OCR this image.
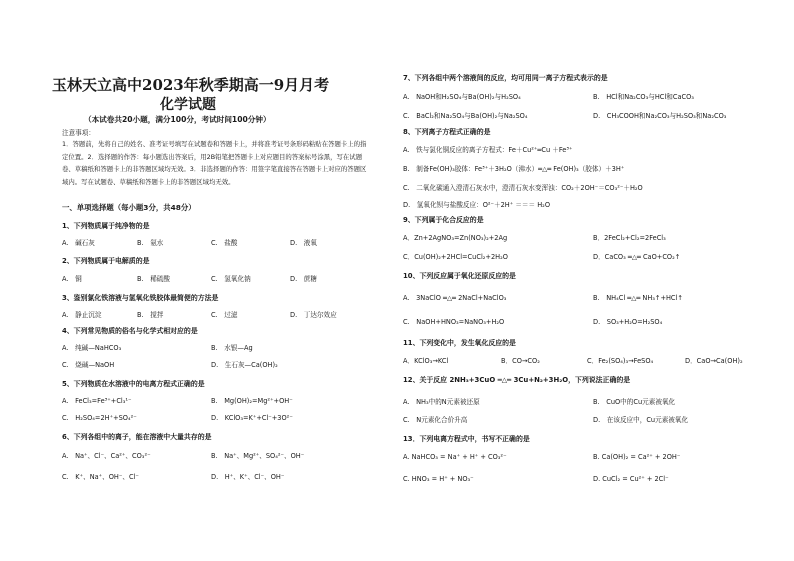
玉林天立高中2023年秋季期高一9月月考
化学试题
（本试卷共20小题，满分100分，考试时间100分钟）
注意事项：
1．答题前，先将自己的姓名、准考证号填写在试题卷和答题卡上，并将准考证号条形码粘贴在答题卡上的指定位置。2．选择题的作答：每小题选出答案后，用2B铅笔把答题卡上对应题目的答案标号涂黑，写在试题卷、草稿纸和答题卡上的非答题区域均无效。3．非选择题的作答：用签字笔直接答在答题卡上对应的答题区域内。写在试题卷、草稿纸和答题卡上的非答题区域均无效。
一、单项选择题（每小题3分，共48分）
1、下列物质属于纯净物的是
A.　碱石灰	B.　氨水	C.　盐酸	D.　液氧
2、下列物质属于电解质的是
A.　铜	B.　稀硫酸	C.　氢氧化钠	D.　蔗糖
3、鉴别氯化铁溶液与氢氧化铁胶体最简便的方法是
A.　静止沉淀	B.　搅拌	C.　过滤	D.　丁达尔效应
4、下列常见物质的俗名与化学式相对应的是
A.　纯碱—NaHCO₃	B.　水银—Ag
C.　烧碱—NaOH	D.　生石灰—Ca(OH)₂
5、下列物质在水溶液中的电离方程式正确的是
A.　FeCl₃=Fe³⁺+Cl₃¹⁻	B.　Mg(OH)₂=Mg²⁺+OH⁻
C.　H₂SO₄=2H⁺+SO₄²⁻	D.　KClO₃=K⁺+Cl⁻+3O²⁻
6、下列各组中的离子，能在溶液中大量共存的是
A.　Na⁺、Cl⁻、Ca²⁺、CO₃²⁻	B.　Na⁺、Mg²⁺、SO₄²⁻、OH⁻
C.　K⁺、Na⁺、OH⁻、Cl⁻	D.　H⁺、K⁺、Cl⁻、OH⁻
7、下列各组中两个溶液间的反应，均可用同一离子方程式表示的是
A.　NaOH和H₂SO₄与Ba(OH)₂与H₂SO₄	B.　HCl和Na₂CO₃与HCl和CaCO₃
C.　BaCl₂和Na₂SO₄与Ba(OH)₂与Na₂SO₄	D.　CH₃COOH和Na₂CO₃与H₂SO₃和Na₂CO₃
8、下列离子方程式正确的是
A.　铁与氯化铜反应的离子方程式：Fe＋Cu²⁺═Cu ＋Fe³⁺
B.　制备Fe(OH)₃胶体：Fe³⁺＋3H₂O（沸水）═△═ Fe(OH)₃（胶体）＋3H⁺
C.　二氧化碳通入澄清石灰水中，澄清石灰水变浑浊：CO₂＋2OH⁻＝CO₃²⁻＋H₂O
D.　氢氧化钡与盐酸反应：O²⁻＋2H⁺ ＝＝＝ H₂O
9、下列属于化合反应的是
A．Zn+2AgNO₃=Zn(NO₃)₂+2Ag	B．2FeCl₂+Cl₂=2FeCl₃
C．Cu(OH)₂+2HCl=CuCl₂+2H₂O	D．CaCO₃ ═△═ CaO+CO₂↑
10、下列反应属于氧化还原反应的是
A.　3NaClO ═△═ 2NaCl+NaClO₃	B.　NH₄Cl ═△═ NH₃↑+HCl↑
C.　NaOH+HNO₃=NaNO₃+H₂O	D.　SO₃+H₂O=H₂SO₄
11、下列变化中，发生氧化反应的是
A．KClO₃→KCl	B．CO→CO₂	C．Fe₂(SO₄)₃→FeSO₄	D．CaO→Ca(OH)₂
12、关于反应 2NH₃+3CuO ═△═ 3Cu+N₂+3H₂O，下列说法正确的是
A.　NH₃中的N元素被还原	B.　CuO中的Cu元素被氧化
C.　N元素化合价升高	D.　在该反应中，Cu元素被氧化
13．下列电离方程式中，书写不正确的是
A. NaHCO₃ = Na⁺ + H⁺ + CO₃²⁻	B. Ca(OH)₂ = Ca²⁺ + 2OH⁻
C. HNO₃ = H⁺ + NO₃⁻	D. CuCl₂ = Cu²⁺ + 2Cl⁻
